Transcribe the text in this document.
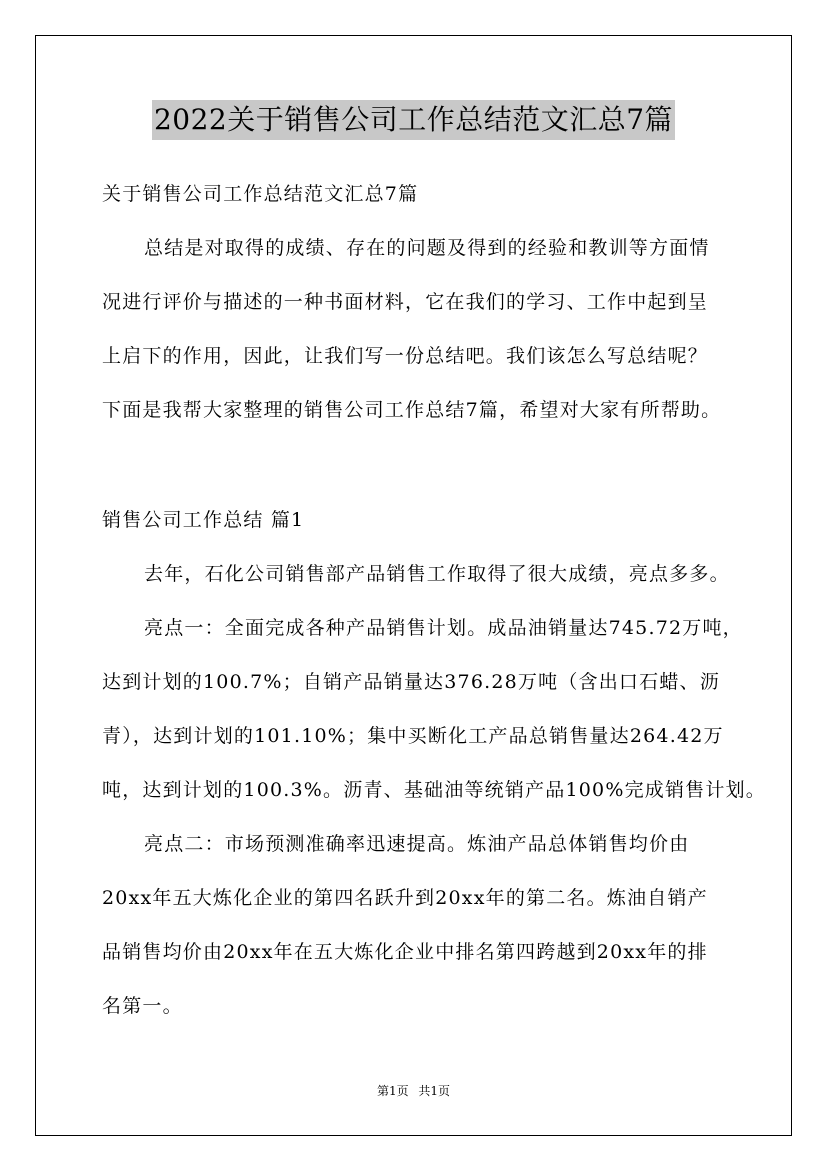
2022关于销售公司工作总结范文汇总7篇
关于销售公司工作总结范文汇总7篇
总结是对取得的成绩、存在的问题及得到的经验和教训等方面情
况进行评价与描述的一种书面材料，它在我们的学习、工作中起到呈
上启下的作用，因此，让我们写一份总结吧。我们该怎么写总结呢？
下面是我帮大家整理的销售公司工作总结7篇，希望对大家有所帮助。
销售公司工作总结 篇1
去年，石化公司销售部产品销售工作取得了很大成绩，亮点多多。
亮点一：全面完成各种产品销售计划。成品油销量达745.72万吨，
达到计划的100.7%；自销产品销量达376.28万吨（含出口石蜡、沥
青），达到计划的101.10%；集中买断化工产品总销售量达264.42万
吨，达到计划的100.3%。沥青、基础油等统销产品100%完成销售计划。
亮点二：市场预测准确率迅速提高。炼油产品总体销售均价由
20xx年五大炼化企业的第四名跃升到20xx年的第二名。炼油自销产
品销售均价由20xx年在五大炼化企业中排名第四跨越到20xx年的排
名第一。
第1页 共1页
